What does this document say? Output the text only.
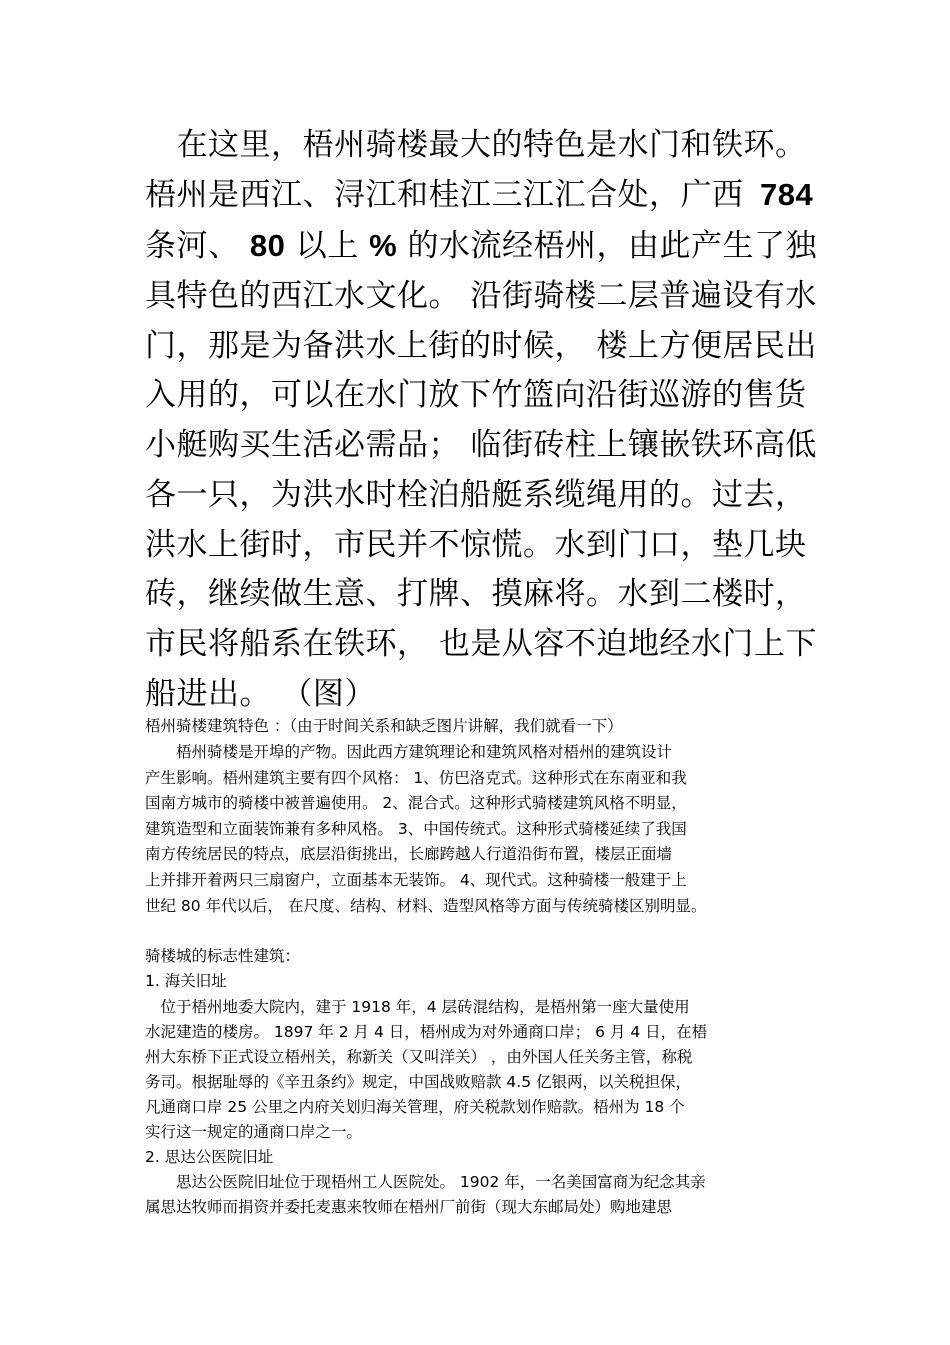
　在这里，梧州骑楼最大的特色是水门和铁环。
梧州是西江、浔江和桂江三江汇合处，广西 784
条河、 80 以上 % 的水流经梧州，由此产生了独
具特色的西江水文化。 沿街骑楼二层普遍设有水
门，那是为备洪水上街的时候， 楼上方便居民出
入用的，可以在水门放下竹篮向沿街巡游的售货
小艇购买生活必需品； 临街砖柱上镶嵌铁环高低
各一只，为洪水时栓泊船艇系缆绳用的。过去，
洪水上街时，市民并不惊慌。水到门口，垫几块
砖，继续做生意、打牌、摸麻将。水到二楼时，
市民将船系在铁环， 也是从容不迫地经水门上下
船进出。 （图）
梧州骑楼建筑特色 ：（由于时间关系和缺乏图片讲解，我们就看一下）
　　梧州骑楼是开埠的产物。因此西方建筑理论和建筑风格对梧州的建筑设计
产生影响。梧州建筑主要有四个风格： 1、仿巴洛克式。这种形式在东南亚和我
国南方城市的骑楼中被普遍使用。 2、混合式。这种形式骑楼建筑风格不明显，
建筑造型和立面装饰兼有多种风格。 3、中国传统式。这种形式骑楼延续了我国
南方传统居民的特点，底层沿街挑出，长廊跨越人行道沿街布置，楼层正面墙
上并排开着两只三扇窗户，立面基本无装饰。 4、现代式。这种骑楼一般建于上
世纪 80 年代以后， 在尺度、结构、材料、造型风格等方面与传统骑楼区别明显。
骑楼城的标志性建筑：
1. 海关旧址
　位于梧州地委大院内，建于 1918 年，4 层砖混结构，是梧州第一座大量使用
水泥建造的楼房。 1897 年 2 月 4 日，梧州成为对外通商口岸； 6 月 4 日，在梧
州大东桥下正式设立梧州关，称新关（又叫洋关） ，由外国人任关务主管，称税
务司。根据耻辱的《辛丑条约》规定，中国战败赔款 4.5 亿银两，以关税担保，
凡通商口岸 25 公里之内府关划归海关管理，府关税款划作赔款。梧州为 18 个
实行这一规定的通商口岸之一。
2. 思达公医院旧址
　　思达公医院旧址位于现梧州工人医院处。 1902 年，一名美国富商为纪念其亲
属思达牧师而捐资并委托麦惠来牧师在梧州厂前街（现大东邮局处）购地建思
